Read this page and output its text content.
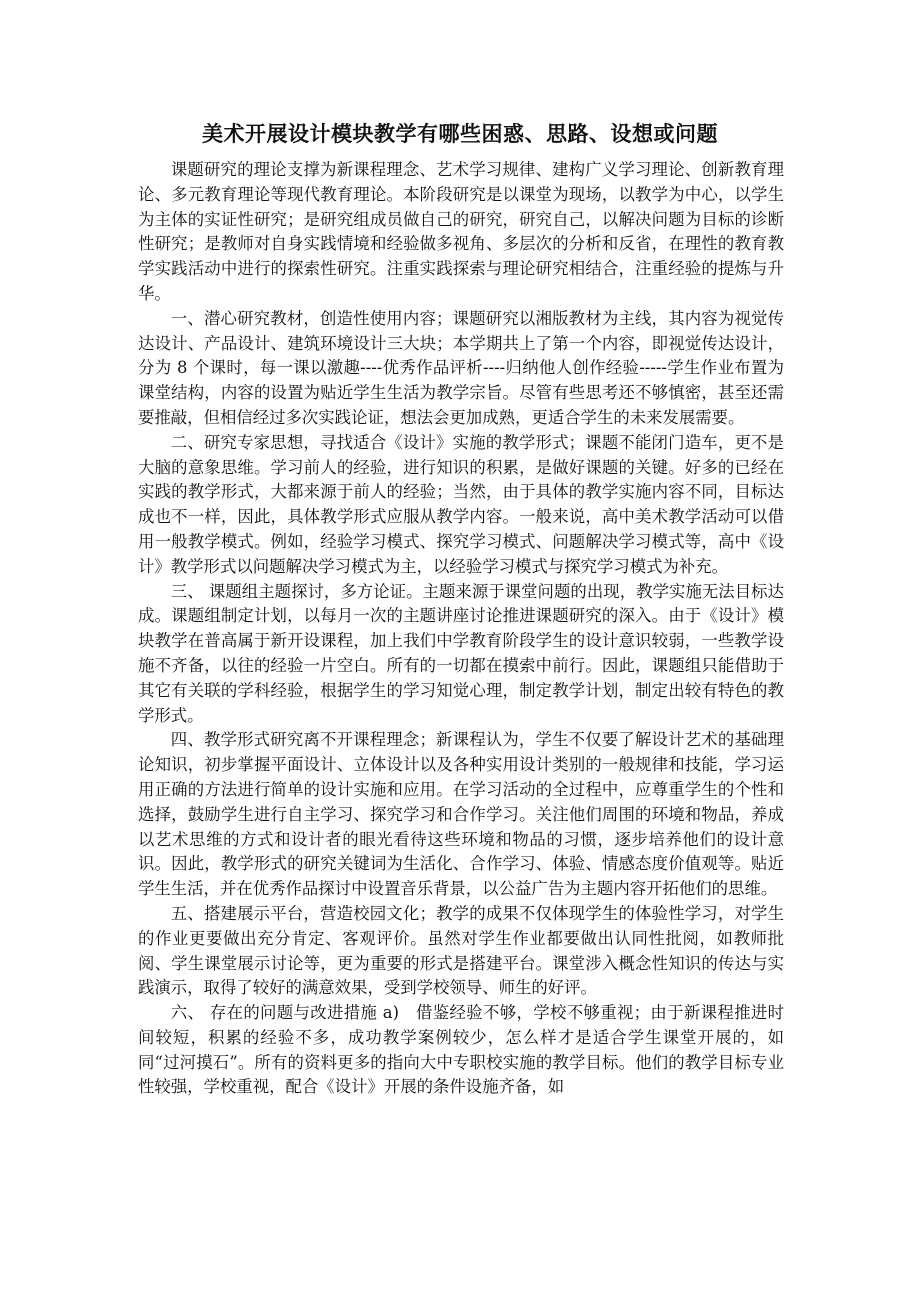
美术开展设计模块教学有哪些困惑、思路、设想或问题

课题研究的理论支撑为新课程理念、艺术学习规律、建构广义学习理论、创新教育理论、多元教育理论等现代教育理论。本阶段研究是以课堂为现场，以教学为中心，以学生为主体的实证性研究；是研究组成员做自己的研究，研究自己，以解决问题为目标的诊断性研究；是教师对自身实践情境和经验做多视角、多层次的分析和反省，在理性的教育教学实践活动中进行的探索性研究。注重实践探索与理论研究相结合，注重经验的提炼与升华。

一、潜心研究教材，创造性使用内容；课题研究以湘版教材为主线，其内容为视觉传达设计、产品设计、建筑环境设计三大块；本学期共上了第一个内容，即视觉传达设计，分为 8 个课时，每一课以激趣----优秀作品评析----归纳他人创作经验-----学生作业布置为课堂结构，内容的设置为贴近学生生活为教学宗旨。尽管有些思考还不够慎密，甚至还需要推敲，但相信经过多次实践论证，想法会更加成熟，更适合学生的未来发展需要。

二、研究专家思想，寻找适合《设计》实施的教学形式；课题不能闭门造车，更不是大脑的意象思维。学习前人的经验，进行知识的积累，是做好课题的关键。好多的已经在实践的教学形式，大都来源于前人的经验；当然，由于具体的教学实施内容不同，目标达成也不一样，因此，具体教学形式应服从教学内容。一般来说，高中美术教学活动可以借用一般教学模式。例如，经验学习模式、探究学习模式、问题解决学习模式等，高中《设计》教学形式以问题解决学习模式为主，以经验学习模式与探究学习模式为补充。

三、 课题组主题探讨，多方论证。主题来源于课堂问题的出现，教学实施无法目标达成。课题组制定计划，以每月一次的主题讲座讨论推进课题研究的深入。由于《设计》模块教学在普高属于新开设课程，加上我们中学教育阶段学生的设计意识较弱，一些教学设施不齐备，以往的经验一片空白。所有的一切都在摸索中前行。因此，课题组只能借助于其它有关联的学科经验，根据学生的学习知觉心理，制定教学计划，制定出较有特色的教学形式。

四、教学形式研究离不开课程理念；新课程认为，学生不仅要了解设计艺术的基础理论知识，初步掌握平面设计、立体设计以及各种实用设计类别的一般规律和技能，学习运用正确的方法进行简单的设计实施和应用。在学习活动的全过程中，应尊重学生的个性和选择，鼓励学生进行自主学习、探究学习和合作学习。关注他们周围的环境和物品，养成以艺术思维的方式和设计者的眼光看待这些环境和物品的习惯，逐步培养他们的设计意识。因此，教学形式的研究关键词为生活化、合作学习、体验、情感态度价值观等。贴近学生生活，并在优秀作品探讨中设置音乐背景，以公益广告为主题内容开拓他们的思维。

五、搭建展示平台，营造校园文化；教学的成果不仅体现学生的体验性学习，对学生的作业更要做出充分肯定、客观评价。虽然对学生作业都要做出认同性批阅，如教师批阅、学生课堂展示讨论等，更为重要的形式是搭建平台。课堂涉入概念性知识的传达与实践演示，取得了较好的满意效果，受到学校领导、师生的好评。

六、 存在的问题与改进措施 a)　借鉴经验不够，学校不够重视；由于新课程推进时间较短，积累的经验不多，成功教学案例较少，怎么样才是适合学生课堂开展的，如同“过河摸石”。所有的资料更多的指向大中专职校实施的教学目标。他们的教学目标专业性较强，学校重视，配合《设计》开展的条件设施齐备，如
